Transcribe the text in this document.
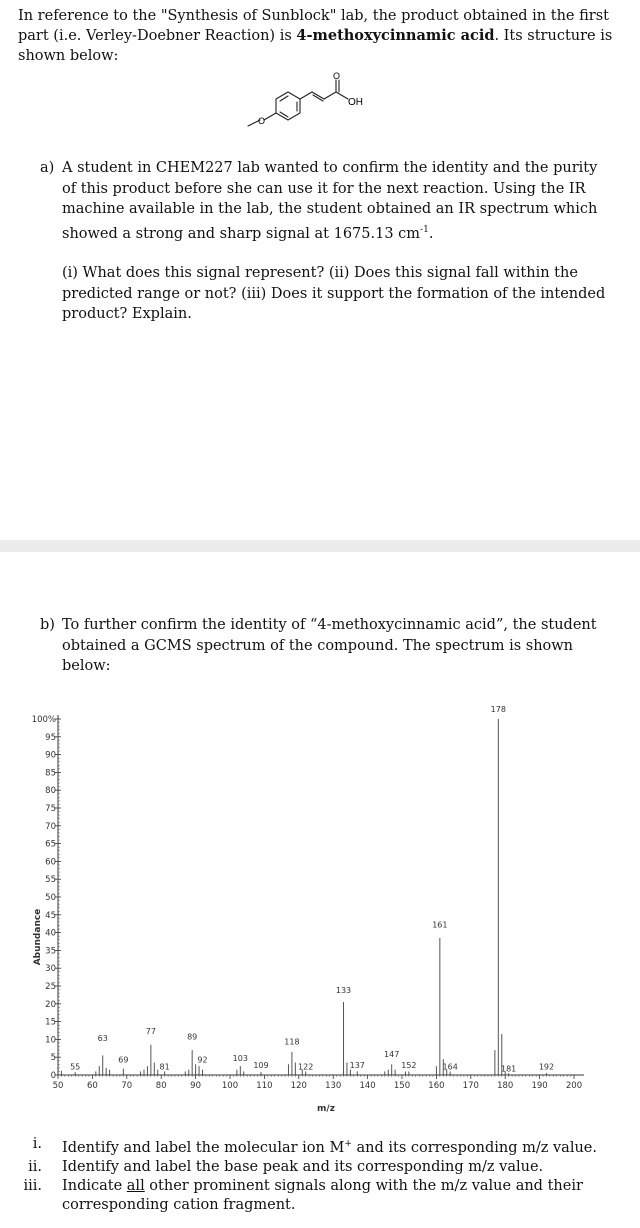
In reference to the "Synthesis of Sunblock" lab, the product obtained in the first part (i.e. Verley-Doebner Reaction) is 4-methoxycinnamic acid. Its structure is shown below:
O
OH
O
a) A student in CHEM227 lab wanted to confirm the identity and the purity of this product before she can use it for the next reaction. Using the IR machine available in the lab, the student obtained an IR spectrum which showed a strong and sharp signal at 1675.13 $cm^{-1}$.
(i) What does this signal represent? (ii) Does this signal fall within the predicted range or not? (iii) Does it support the formation of the intended product? Explain.
b) To further confirm the identity of “4-methoxycinnamic acid”, the student obtained a GCMS spectrum of the compound. The spectrum is shown below:
0
5
10
15
20
25
30
35
40
45
50
55
60
65
70
75
80
85
90
95
100%
50	60	70	80	90 100 110 120 130 140 150 160 170 180 190 200
m/z
Abundance
55
63
69
77
81
89
92	103
109
118
122
133
137
147
152
161
164
178
181	192
i. Identify and label the molecular ion M+ and its corresponding m/z value.
ii. Identify and label the base peak and its corresponding m/z value.
iii. Indicate all other prominent signals along with the m/z value and their corresponding cation fragment.
